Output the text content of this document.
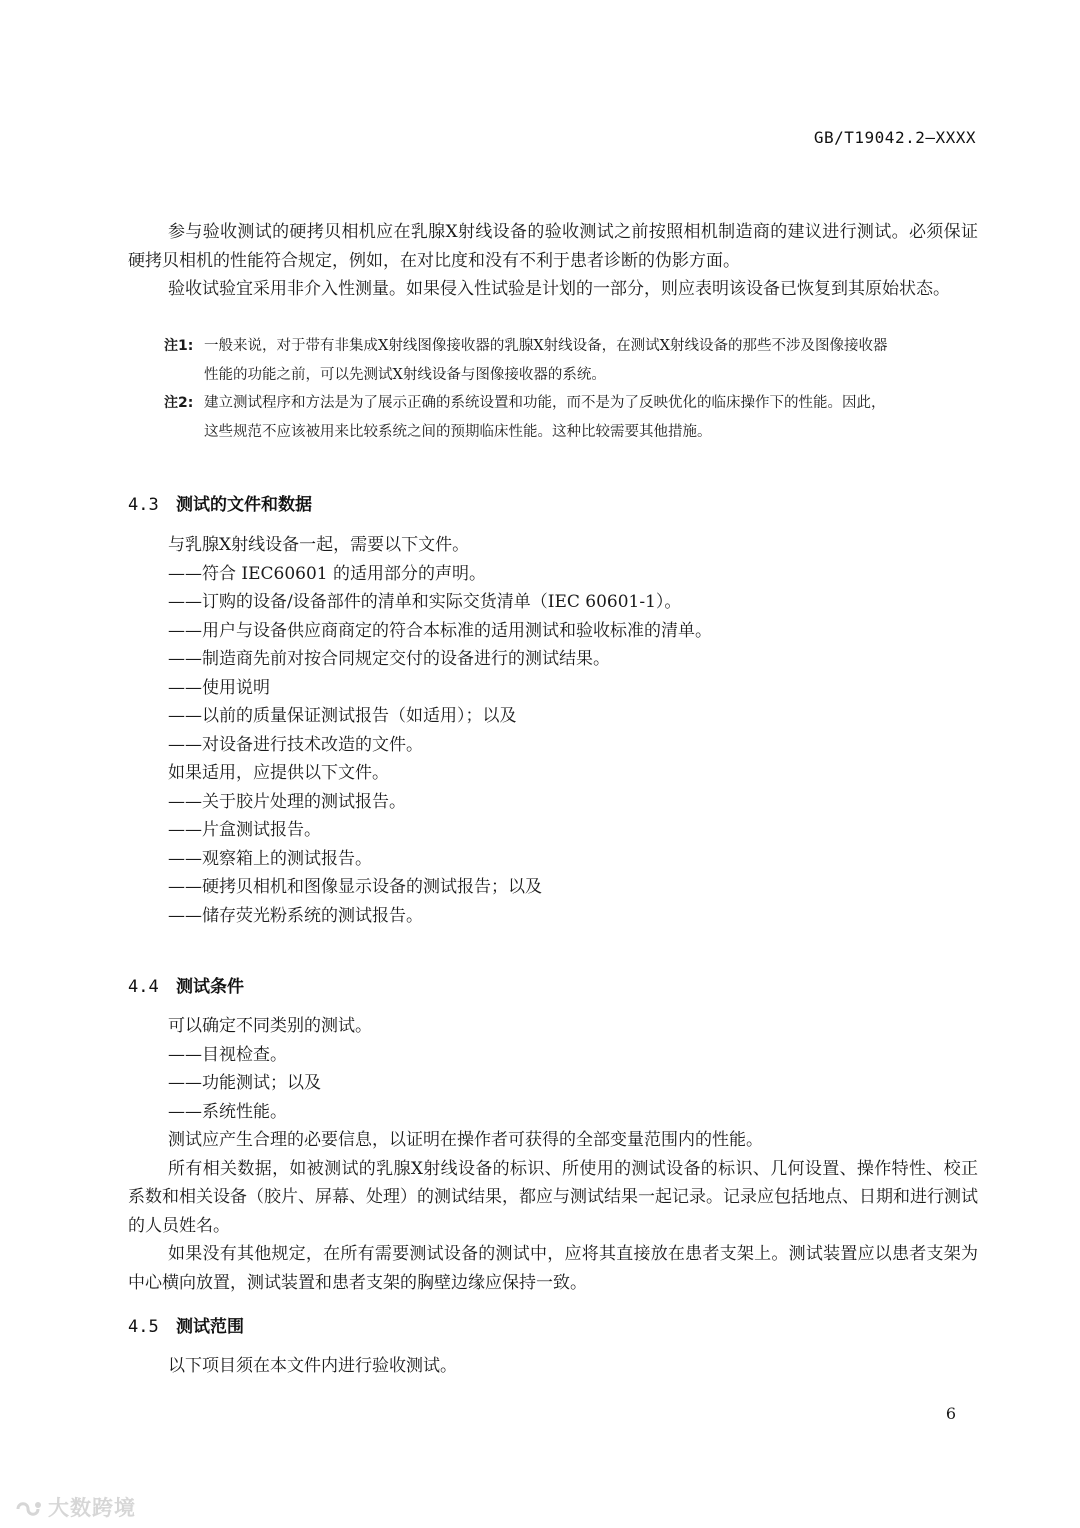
GB/T19042.2—XXXX

参与验收测试的硬拷贝相机应在乳腺X射线设备的验收测试之前按照相机制造商的建议进行测试。必须保证硬拷贝相机的性能符合规定，例如，在对比度和没有不利于患者诊断的伪影方面。

验收试验宜采用非介入性测量。如果侵入性试验是计划的一部分，则应表明该设备已恢复到其原始状态。

注1: 一般来说，对于带有非集成X射线图像接收器的乳腺X射线设备，在测试X射线设备的那些不涉及图像接收器
性能的功能之前，可以先测试X射线设备与图像接收器的系统。
注2: 建立测试程序和方法是为了展示正确的系统设置和功能，而不是为了反映优化的临床操作下的性能。因此，
这些规范不应该被用来比较系统之间的预期临床性能。这种比较需要其他措施。
4.3 测试的文件和数据

与乳腺X射线设备一起，需要以下文件。

——符合 IEC60601 的适用部分的声明。

——订购的设备/设备部件的清单和实际交货清单（IEC 60601-1）。

——用户与设备供应商商定的符合本标准的适用测试和验收标准的清单。

——制造商先前对按合同规定交付的设备进行的测试结果。

——使用说明

——以前的质量保证测试报告（如适用）；以及

——对设备进行技术改造的文件。

如果适用，应提供以下文件。

——关于胶片处理的测试报告。

——片盒测试报告。

——观察箱上的测试报告。

——硬拷贝相机和图像显示设备的测试报告；以及

——储存荧光粉系统的测试报告。

4.4 测试条件

可以确定不同类别的测试。

——目视检查。

——功能测试；以及

——系统性能。

测试应产生合理的必要信息，以证明在操作者可获得的全部变量范围内的性能。

所有相关数据，如被测试的乳腺X射线设备的标识、所使用的测试设备的标识、几何设置、操作特性、校正系数和相关设备（胶片、屏幕、处理）的测试结果，都应与测试结果一起记录。记录应包括地点、日期和进行测试的人员姓名。

如果没有其他规定，在所有需要测试设备的测试中，应将其直接放在患者支架上。测试装置应以患者支架为中心横向放置，测试装置和患者支架的胸壁边缘应保持一致。

4.5 测试范围

以下项目须在本文件内进行验收测试。

6
大数跨境
